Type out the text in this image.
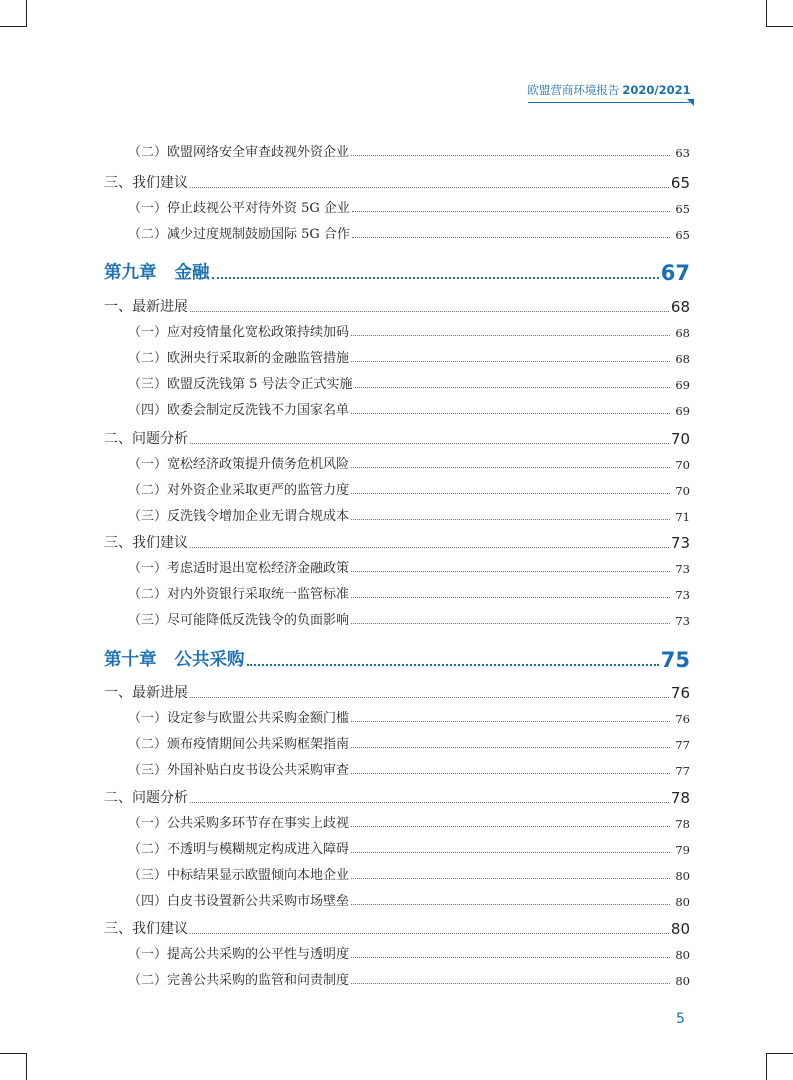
欧盟营商环境报告 2020/2021
（二）欧盟网络安全审查歧视外资企业	63
三、我们建议	65
（一）停止歧视公平对待外资 5G 企业	65
（二）减少过度规制鼓励国际 5G 合作	65
第九章 金融	67
一、最新进展	68
（一）应对疫情量化宽松政策持续加码	68
（二）欧洲央行采取新的金融监管措施	68
（三）欧盟反洗钱第 5 号法令正式实施	69
（四）欧委会制定反洗钱不力国家名单	69
二、问题分析	70
（一）宽松经济政策提升债务危机风险	70
（二）对外资企业采取更严的监管力度	70
（三）反洗钱令增加企业无谓合规成本	71
三、我们建议	73
（一）考虑适时退出宽松经济金融政策	73
（二）对内外资银行采取统一监管标准	73
（三）尽可能降低反洗钱令的负面影响	73
第十章 公共采购	75
一、最新进展	76
（一）设定参与欧盟公共采购金额门槛	76
（二）颁布疫情期间公共采购框架指南	77
（三）外国补贴白皮书设公共采购审查	77
二、问题分析	78
（一）公共采购多环节存在事实上歧视	78
（二）不透明与模糊规定构成进入障碍	79
（三）中标结果显示欧盟倾向本地企业	80
（四）白皮书设置新公共采购市场壁垒	80
三、我们建议	80
（一）提高公共采购的公平性与透明度	80
（二）完善公共采购的监管和问责制度	80
5
